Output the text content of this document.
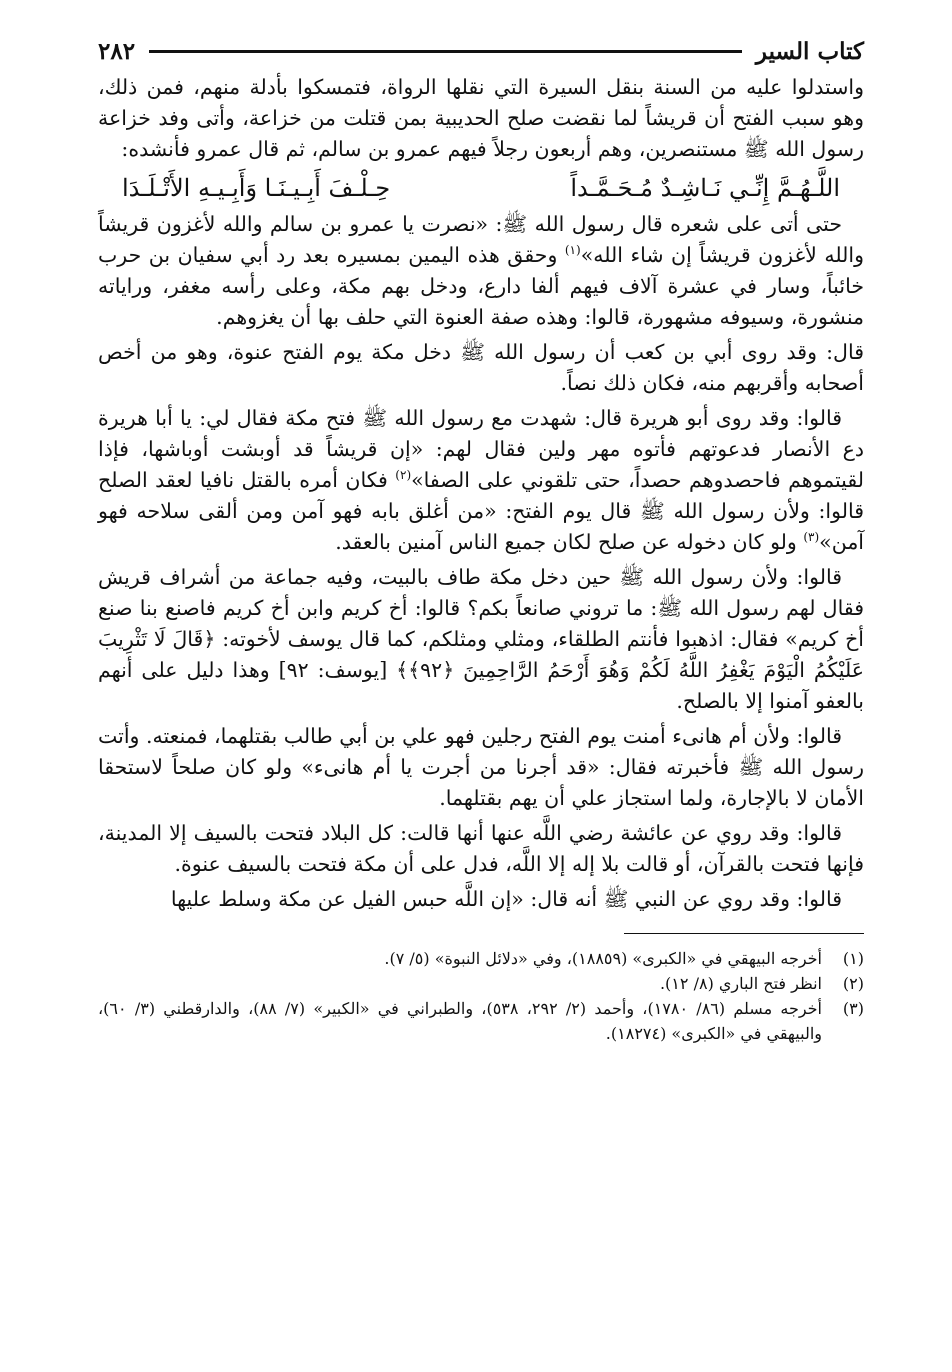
كتاب السير
٢٨٢

واستدلوا عليه من السنة بنقل السيرة التي نقلها الرواة، فتمسكوا بأدلة منهم، فمن ذلك، وهو سبب الفتح أن قريشاً لما نقضت صلح الحديبية بمن قتلت من خزاعة، وأتى وفد خزاعة رسول الله ﷺ مستنصرين، وهم أربعون رجلاً فيهم عمرو بن سالم، ثم قال عمرو فأنشده:

اللَّـهُـمَّ إِنِّـي نَـاشِـدٌ مُـحَـمَّـداً
حِـلْـفَ أَبِـيـنَـا وَأَبِـيـهِ الأَتْـلَـدَا

حتى أتى على شعره قال رسول الله ﷺ: «نصرت يا عمرو بن سالم والله لأغزون قريشاً والله لأغزون قريشاً إن شاء الله»$^{(١)}$ وحقق هذه اليمين بمسيره بعد رد أبي سفيان بن حرب خائباً، وسار في عشرة آلاف فيهم ألفا دارع، ودخل بهم مكة، وعلى رأسه مغفر، وراياته منشورة، وسيوفه مشهورة، قالوا: وهذه صفة العنوة التي حلف بها أن يغزوهم.

قال: وقد روى أبي بن كعب أن رسول الله ﷺ دخل مكة يوم الفتح عنوة، وهو من أخص أصحابه وأقربهم منه، فكان ذلك نصاً.

قالوا: وقد روى أبو هريرة قال: شهدت مع رسول الله ﷺ فتح مكة فقال لي: يا أبا هريرة دع الأنصار فدعوتهم فأتوه مهر ولين فقال لهم: «إن قريشاً قد أوبشت أوباشها، فإذا لقيتموهم فاحصدوهم حصداً، حتى تلقوني على الصفا»$^{(٢)}$ فكان أمره بالقتل نافيا لعقد الصلح قالوا: ولأن رسول الله ﷺ قال يوم الفتح: «من أغلق بابه فهو آمن ومن ألقى سلاحه فهو آمن»$^{(٣)}$ ولو كان دخوله عن صلح لكان جميع الناس آمنين بالعقد.

قالوا: ولأن رسول الله ﷺ حين دخل مكة طاف بالبيت، وفيه جماعة من أشراف قريش فقال لهم رسول الله ﷺ: ما تروني صانعاً بكم؟ قالوا: أخ كريم وابن أخ كريم فاصنع بنا صنع أخ كريم» فقال: اذهبوا فأنتم الطلقاء، ومثلي ومثلكم، كما قال يوسف لأخوته: ﴿قَالَ لَا تَثْرِيبَ عَلَيْكُمُ الْيَوْمَ يَغْفِرُ اللَّهُ لَكُمْ وَهُوَ أَرْحَمُ الرَّاحِمِينَ ﴿٩٢﴾﴾ [يوسف: ٩٢] وهذا دليل على أنهم بالعفو آمنوا إلا بالصلح.

قالوا: ولأن أم هانىء أمنت يوم الفتح رجلين فهو علي بن أبي طالب بقتلهما، فمنعته. وأتت رسول الله ﷺ فأخبرته فقال: «قد أجرنا من أجرت يا أم هانىء» ولو كان صلحاً لاستحقا الأمان لا بالإجارة، ولما استجاز علي أن يهم بقتلهما.

قالوا: وقد روي عن عائشة رضي اللَّه عنها أنها قالت: كل البلاد فتحت بالسيف إلا المدينة، فإنها فتحت بالقرآن، أو قالت بلا إله إلا اللَّه، فدل على أن مكة فتحت بالسيف عنوة.

قالوا: وقد روي عن النبي ﷺ أنه قال: «إن اللَّه حبس الفيل عن مكة وسلط عليها

(١)
أخرجه البيهقي في «الكبرى» (١٨٨٥٩)، وفي «دلائل النبوة» (٥/ ٧).
(٢)
انظر فتح الباري (٨/ ١٢).
(٣)
أخرجه مسلم (٨٦/ ١٧٨٠)، وأحمد (٢/ ٢٩٢، ٥٣٨)، والطبراني في «الكبير» (٧/ ٨٨)، والدارقطني (٣/ ٦٠)، والبيهقي في «الكبرى» (١٨٢٧٤).
